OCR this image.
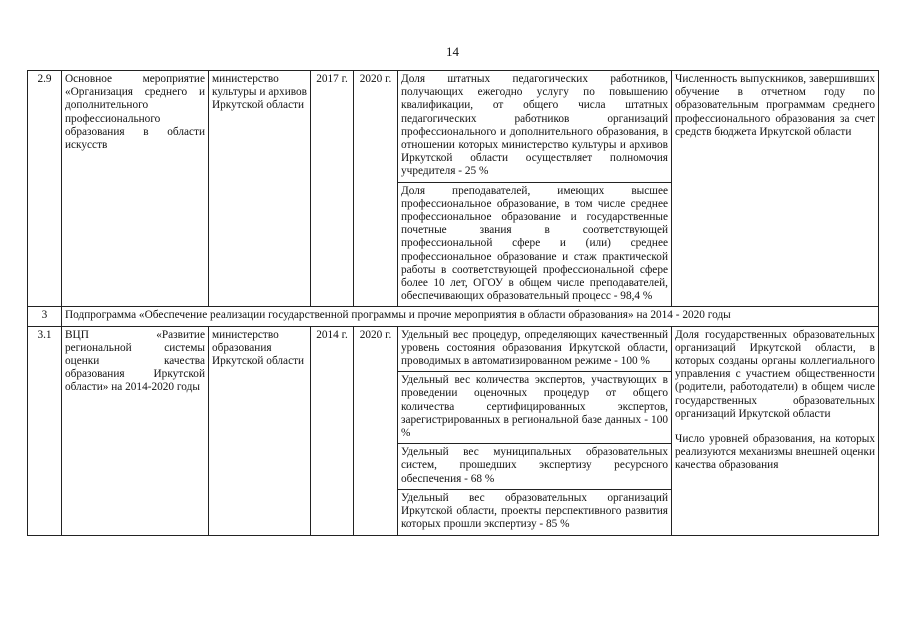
14
2.9	Основное мероприятие «Организация среднего и дополнительного профессионального образования в области искусств	министерство культуры и архивов Иркутской области	2017 г.	2020 г.	Доля штатных педагогических работников, получающих ежегодно услугу по повышению квалификации, от общего числа штатных педагогических работников организаций профессионального и дополнительного образования, в отношении которых министерство культуры и архивов Иркутской области осуществляет полномочия учредителя - 25 %	Численность выпускников, завершивших обучение в отчетном году по образовательным программам среднего профессионального образования за счет средств бюджета Иркутской области
					Доля преподавателей, имеющих высшее профессиональное образование, в том числе среднее профессиональное образование и государственные почетные звания в соответствующей профессиональной сфере и (или) среднее профессиональное образование и стаж практической работы в соответствующей профессиональной сфере более 10 лет, ОГОУ в общем числе преподавателей, обеспечивающих образовательный процесс - 98,4 %	
3	Подпрограмма «Обеспечение реализации государственной программы и прочие мероприятия в области образования» на 2014 - 2020 годы					
3.1	ВЦП «Развитие региональной системы оценки качества образования Иркутской области» на 2014-2020 годы	министерство образования Иркутской области	2014 г.	2020 г.	Удельный вес процедур, определяющих качественный уровень состояния образования Иркутской области, проводимых в автоматизированном режиме - 100 %	Доля государственных образовательных организаций Иркутской области, в которых созданы органы коллегиального управления с участием общественности (родители, работодатели) в общем числе государственных образовательных организаций Иркутской области
Число уровней образования, на которых реализуются механизмы внешней оценки качества образования

					Удельный вес количества экспертов, участвующих в проведении оценочных процедур от общего количества сертифицированных экспертов, зарегистрированных в региональной базе данных - 100 %	
					Удельный вес муниципальных образовательных систем, прошедших экспертизу ресурсного обеспечения - 68 %	
					Удельный вес образовательных организаций Иркутской области, проекты перспективного развития которых прошли экспертизу - 85 %	
